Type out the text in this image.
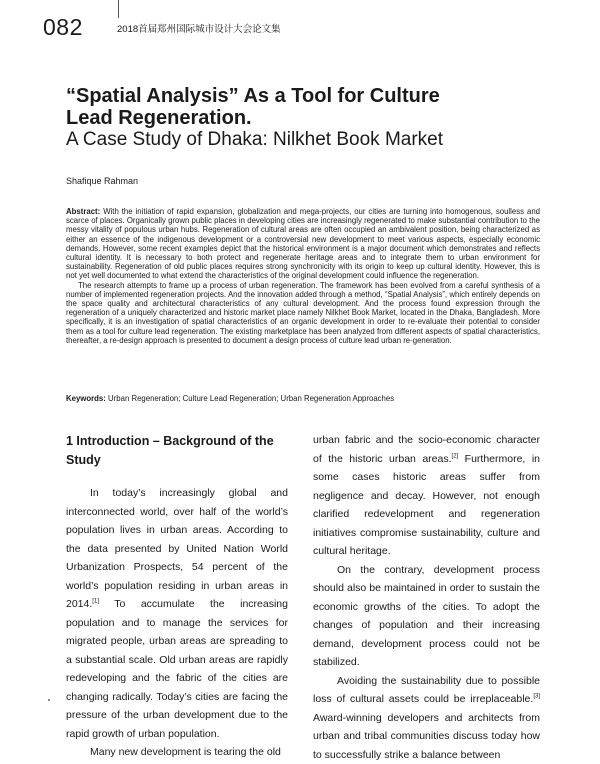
082	2018首届郑州国际城市设计大会论文集
“Spatial Analysis” As a Tool for Culture
Lead Regeneration.
A Case Study of Dhaka: Nilkhet Book Market
Shafique Rahman

Abstract: With the initiation of rapid expansion, globalization and mega-projects, our cities are turning into homogenous, soulless and scarce of places. Organically grown public places in developing cities are increasingly regenerated to make substantial contribution to the messy vitality of populous urban hubs. Regeneration of cultural areas are often occupied an ambivalent position, being characterized as either an essence of the indigenous development or a controversial new development to meet various aspects, especially economic demands. However, some recent examples depict that the historical environment is a major document which demonstrates and reflects cultural identity. It is necessary to both protect and regenerate heritage areas and to integrate them to urban environment for sustainability. Regeneration of old public places requires strong synchronicity with its origin to keep up cultural identity. However, this is not yet well documented to what extend the characteristics of the original development could influence the regeneration.

The research attempts to frame up a process of urban regeneration. The framework has been evolved from a careful synthesis of a number of implemented regeneration projects. And the innovation added through a method, “Spatial Analysis”, which entirely depends on the space quality and architectural characteristics of any cultural development. And the process found expression through the regeneration of a uniquely characterized and historic market place namely Nilkhet Book Market, located in the Dhaka, Bangladesh. More specifically, it is an investigation of spatial characteristics of an organic development in order to re-evaluate their potential to consider them as a tool for culture lead regeneration. The existing marketplace has been analyzed from different aspects of spatial characteristics, thereafter, a re-design approach is presented to document a design process of culture lead urban re-generation.

Keywords: Urban Regeneration; Culture Lead Regeneration; Urban Regeneration Approaches
1 Introduction – Background of the Study

In today’s increasingly global and interconnected world, over half of the world’s population lives in urban areas. According to the data presented by United Nation World Urbanization Prospects, 54 percent of the world’s population residing in urban areas in 2014.[1] To accumulate the increasing population and to manage the services for migrated people, urban areas are spreading to a substantial scale. Old urban areas are rapidly redeveloping and the fabric of the cities are changing radically. Today’s cities are facing the pressure of the urban development due to the rapid growth of urban population.

Many new development is tearing the old

urban fabric and the socio-economic character of the historic urban areas.[2] Furthermore, in some cases historic areas suffer from negligence and decay. However, not enough clarified redevelopment and regeneration initiatives compromise sustainability, culture and cultural heritage.

On the contrary, development process should also be maintained in order to sustain the economic growths of the cities. To adopt the changes of population and their increasing demand, development process could not be stabilized.

Avoiding the sustainability due to possible loss of cultural assets could be irreplaceable.[3] Award-winning developers and architects from urban and tribal communities discuss today how to successfully strike a balance between
